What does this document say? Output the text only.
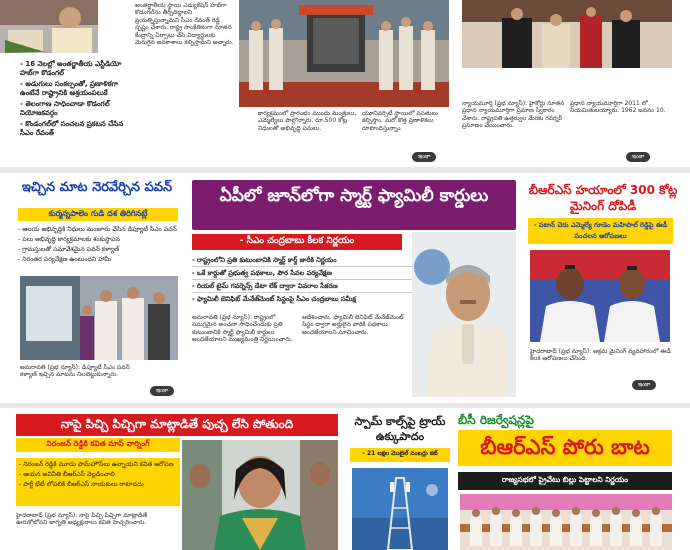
- 16 నెలల్లో అంతర్జాతీయ ఎస్టీడియో హబ్‌గా కొడంగల్
- అడుగులు సంకల్పంతో, ప్రణాళికగా ఉంటేనే రాష్ట్రానికి ఆశ్రయంపలుకే
- తెలంగాణ సాధించాడా కొడంగల్ నియోజకవర్గం
- కొండంగల్‌లో సంచలన ప్రకటన చేసిన సీఎం రేవంత్

అంతర్జాతీయ స్థాయి ఎడ్యుకేషన్ హబ్‌గా కొడంగల్‌ను తీర్చిదిద్దాలని ప్రయత్నిస్తున్నామని సీఎం రేవంత్ రెడ్డి స్పష్టం చేశారు. రాష్ట్ర సాంకేతికంగా నూతన కేంద్రాన్ని ఏర్పాటు చేసి విద్యార్థులకు మెరుగైన అవకాశాలు కల్పిస్తామని అన్నారు.

కార్యక్రమంలో ప్రారంభం ముందు మంత్రులు, ఎమ్మెల్యేలు పాల్గొన్నారు. రూ.500 కోట్ల నిధులతో అభివృద్ధి పనులు.

యూనివర్సిటీ స్థాయిలో వసతులు కల్పిస్తాం. మరో కొత్త ప్రణాళికలు రూపొందిస్తున్నాం.

ఇంకా

న్యాయమూర్తి (ప్రభ న్యూస్): హైకోర్టు నూతన ప్రధాన న్యాయమూర్తిగా ప్రమాణ స్వీకారం చేశారు. రాష్ట్రపతి ఉత్తర్వుల మేరకు గవర్నర్ ప్రమాణం చేయించారు.

ప్రధాన న్యాయమూర్తిగా 2011 లో నియమితులయ్యారు. 1962 జననం 10.

ఇంకా
ఇచ్చిన మాట నెరవేర్చిన పవన్
కుర్మన్నపాలెం గుడి దశ తిరిగినట్లే
- ఆలయ అభివృద్ధికి నిధులు మంజూరు చేసిన డిప్యూటీ సీఎం పవన్
- పలు అభివృద్ధి కార్యక్రమాలకు శంకుస్థాపన
- గ్రామస్తులతో సమావేశమైన పవన్ కళ్యాణ్
- నిరంతర పర్యవేక్షణ ఉంటుందని హామీ

అమరావతి (ప్రభ న్యూస్): డిప్యూటీ సీఎం పవన్ కళ్యాణ్ ఇచ్చిన మాటను నిలబెట్టుకున్నారు.

ఇంకా
ఏపీలో జూన్‌లోగా స్మార్ట్ ఫ్యామిలీ కార్డులు
- సీఎం చంద్రబాబు కీలక నిర్ణయం
- రాష్ట్రంలోని ప్రతి కుటుంబానికి స్మార్ట్ కార్డ్ జారీకి నిర్ణయం
- ఒకే కార్డుతో ప్రభుత్వ పథకాలు, పౌర సేవల పర్యవేక్షణ
- రియల్ టైమ్ గవర్నెన్స్ డేటా లేక్ ద్వారా వివరాల సేకరణ
- ఫ్యామిలీ బెనిఫిట్ మేనేజ్‌మెంట్ సిస్టంపై సీఎం చంద్రబాబు సమీక్ష

అమరావతి (ప్రభ న్యూస్): రాష్ట్రంలో సమగ్రమైన అంచనా సాధించేందుకు ప్రతి కుటుంబానికి స్మార్ట్ ఫ్యామిలీ కార్డులు అందజేయాలని ముఖ్యమంత్రి నిర్ణయించారు.

ఆదేశించారు. ఫ్యామిలీ బెనిఫిట్ మేనేజ్‌మెంట్ సిస్టం ద్వారా అర్హులైన వారికి పథకాలు అందజేయాలని సూచించారు.

బీఆర్ఎస్ హయాంలో 300 కోట్ల మైనింగ్ దోపిడీ
- పటాన్ చెరు ఎమ్మెల్యే గూడెం మహిపాల్ రెడ్డిపై ఈడీ సంచలన ఆరోపణలు

హైదరాబాద్ (ప్రభ న్యూస్): అక్రమ మైనింగ్ వ్యవహారంలో ఈడీ కీలక ఆరోపణలు చేసింది.

ఇంకా
నాపై పిచ్చి పిచ్చిగా మాట్లాడితే పుచ్చ లేసి పోతుంది
నిరంజన్ రెడ్డికి కవిత మాస్ వార్నింగ్
- నిరంజన్ రెడ్డికి మూడు ఫామ్‌హౌస్‌లు ఉన్నాయని కవిత ఆరోపణ
- ఆయన అవినీతి బీఆర్ఎస్ వెల్లడించాలి
- పార్టీ భేటీ లోపలికి బీఆర్ఎస్ నాయకులు రాకూడదు

హైదరాబాద్ (ప్రభ న్యూస్): నాపై పిచ్చి పిచ్చిగా మాట్లాడితే ఊరుకోబోనని జాగృతి అధ్యక్షురాలు కవిత హెచ్చరించారు.

స్పామ్ కాల్స్‌పై ట్రాయ్ ఉక్కుపాదం
- 21 లక్షల మొబైల్ నంబర్లు కట్
బీసీ రిజర్వేషన్లపై
బీఆర్ఎస్ పోరు బాట
రాజ్యసభలో ప్రైవేటు బిల్లు పెట్టాలని నిర్ణయం
